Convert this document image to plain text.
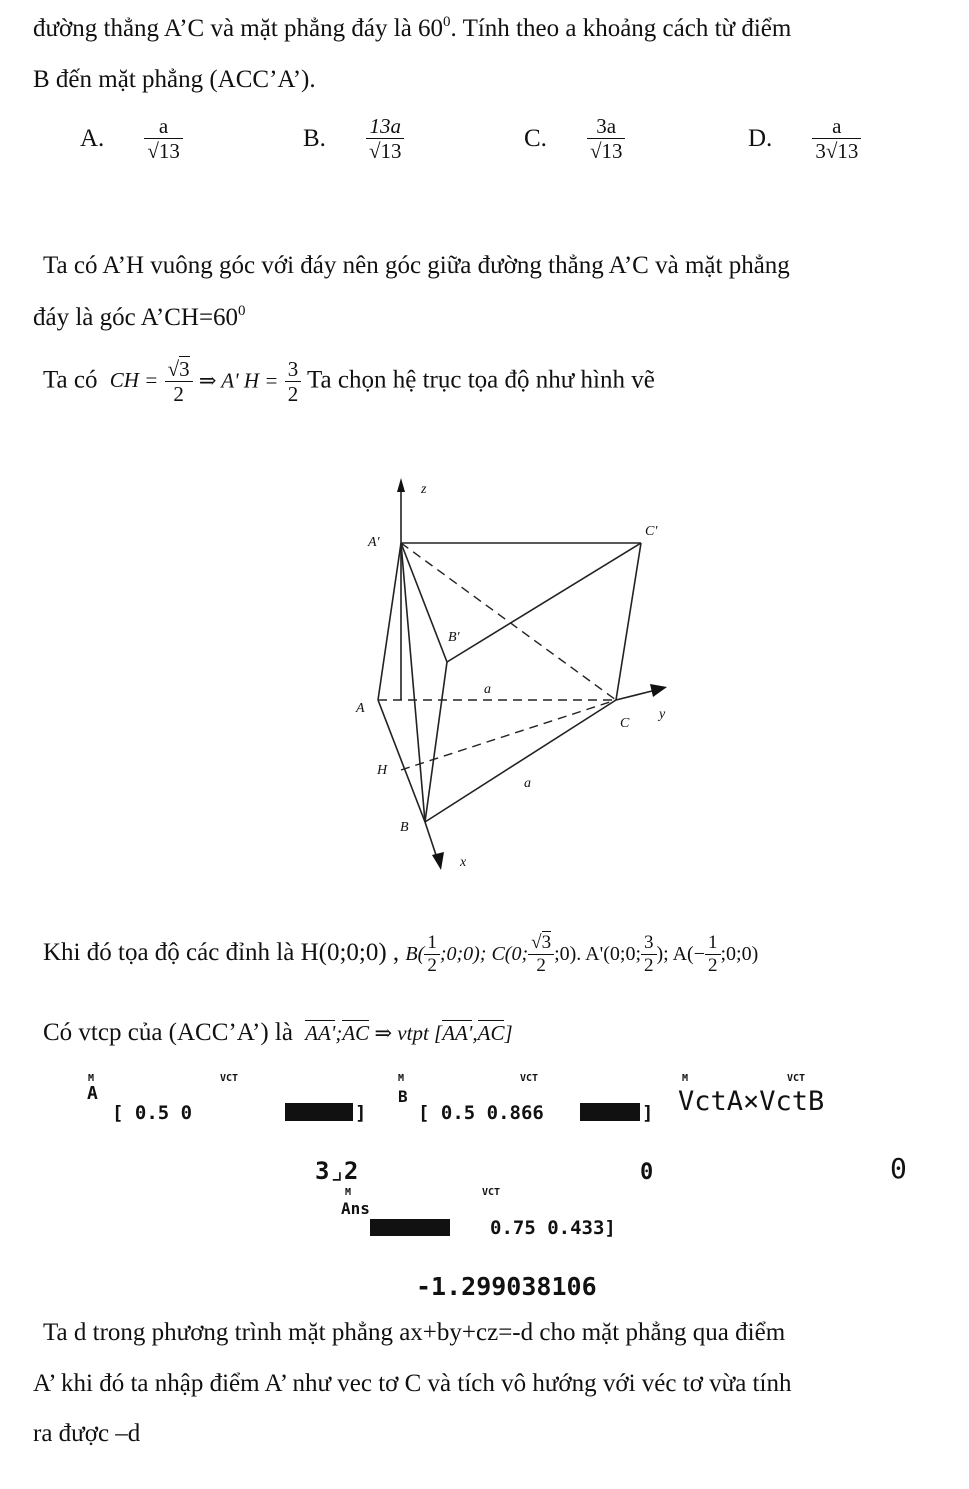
đường thẳng A’C và mặt phẳng đáy là $60^0$. Tính theo a khoảng cách từ điểm
B đến mặt phẳng (ACC’A’).
A. $\frac{a}{√13}$	B. $\frac{13a}{√13}$	C. $\frac{3a}{√13}$	D. $\frac{a}{3√13}$
Ta có A’H vuông góc với đáy nên góc giữa đường thẳng A’C và mặt phẳng
đáy là góc $A’CH=60^0$
Ta có CH = $\frac{√3}{2}$ ⇒ A' $H = \frac{3}{2}$ Ta chọn hệ trục tọa độ như hình vẽ
z
A′
C′
B′
a
A
C
y
H
a
B
x
Khi đó tọa độ các đỉnh là H(0;0;0) , $B( \frac{1}{2}$ ;0;0); C(0; $\frac{√3}{2}$ ;0). A'(0;0; $\frac{3}{2}$ ); $A(- \frac{1}{2}$ ;0;0)
Có vtcp của (ACC’A’) là AA';AC ⇒ vtpt [AA',AC]
M	VCT
A
[ 0.5 0	]
M	VCT
B
[ 0.5 0.866	]
M	VCT
VctA×VctB
3⌟2	0	0
M	VCT
Ans
0.75 0.433]
-1.299038106
Ta d trong phương trình mặt phẳng ax+by+cz=-d cho mặt phẳng qua điểm
A’ khi đó ta nhập điểm A’ như vec tơ C và tích vô hướng với véc tơ vừa tính
ra được –d
